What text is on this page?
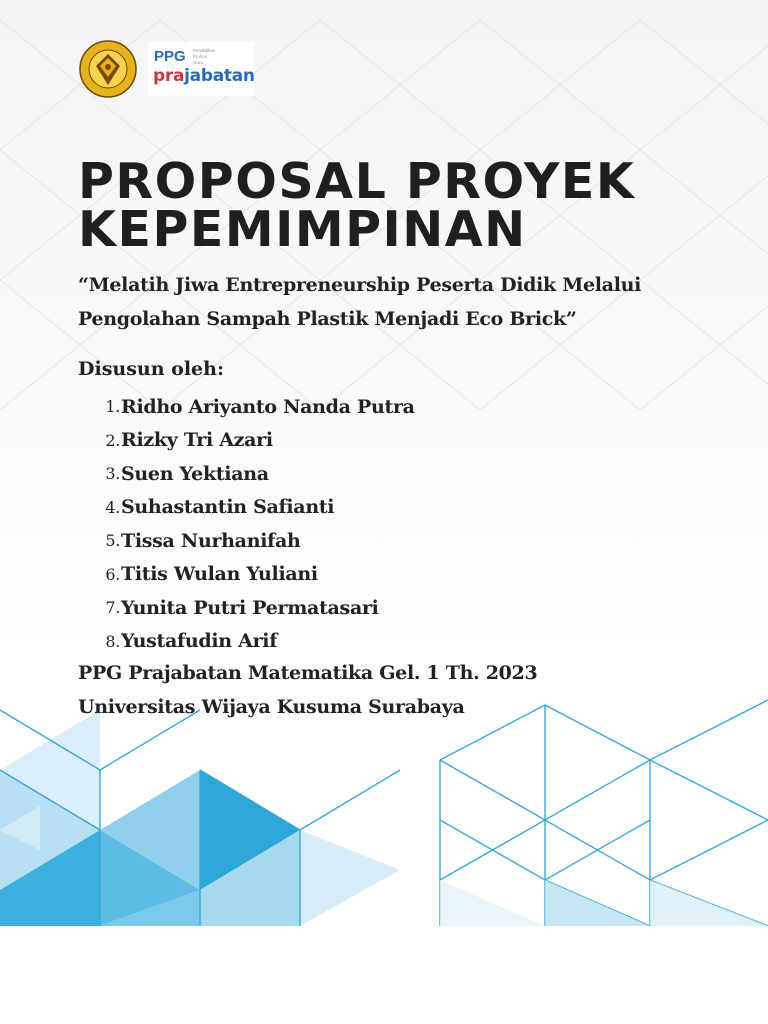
PPG Pendidikan
Profesi
Guru
prajabatan
PROPOSAL PROYEK
KEPEMIMPINAN
“Melatih Jiwa Entrepreneurship Peserta Didik Melalui Pengolahan Sampah Plastik Menjadi Eco Brick”
Disusun oleh:
1. Ridho Ariyanto Nanda Putra
2. Rizky Tri Azari
3. Suen Yektiana
4. Suhastantin Safianti
5. Tissa Nurhanifah
6. Titis Wulan Yuliani
7. Yunita Putri Permatasari
8. Yustafudin Arif
PPG Prajabatan Matematika Gel. 1 Th. 2023
Universitas Wijaya Kusuma Surabaya
